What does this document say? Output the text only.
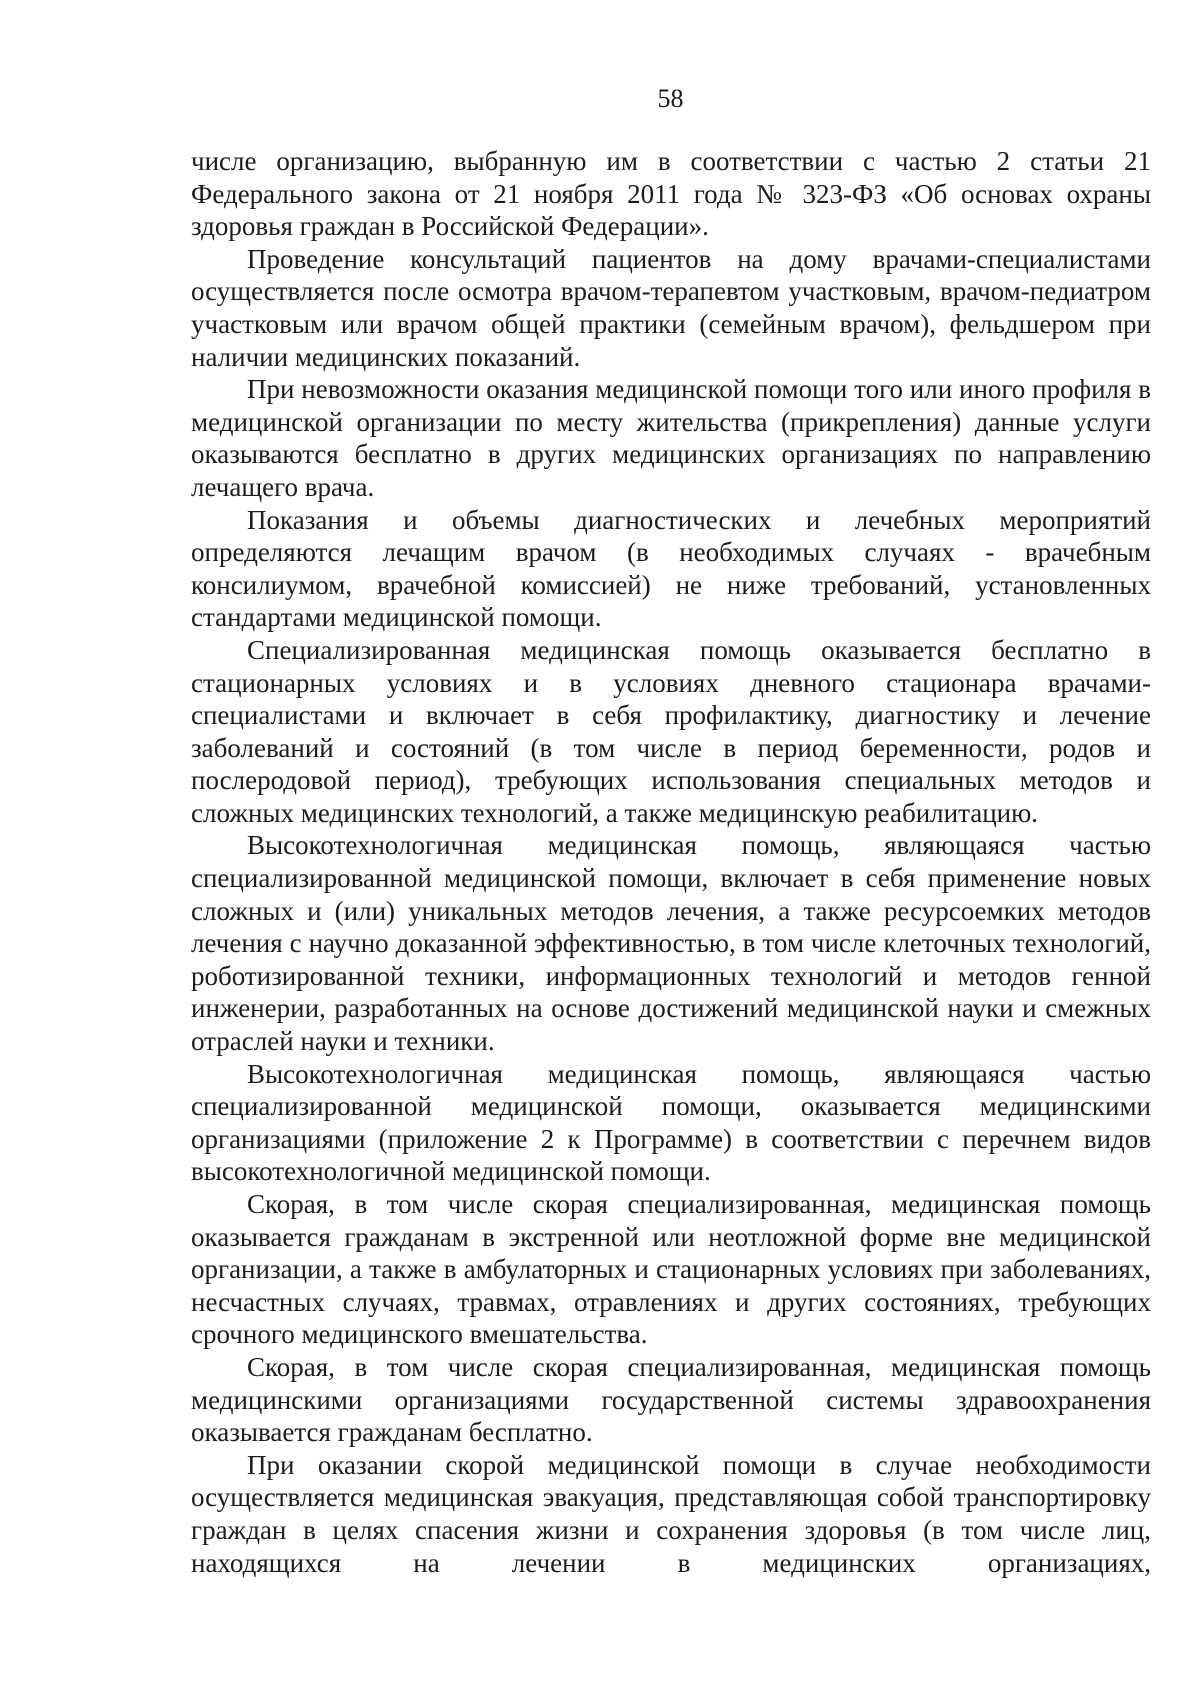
58

числе организацию, выбранную им в соответствии с частью 2 статьи 21 Федерального закона от 21 ноября 2011 года № 323-ФЗ «Об основах охраны здоровья граждан в Российской Федерации».

Проведение консультаций пациентов на дому врачами-специалистами осуществляется после осмотра врачом-терапевтом участковым, врачом-педиатром участковым или врачом общей практики (семейным врачом), фельдшером при наличии медицинских показаний.

При невозможности оказания медицинской помощи того или иного профиля в медицинской организации по месту жительства (прикрепления) данные услуги оказываются бесплатно в других медицинских организациях по направлению лечащего врача.

Показания и объемы диагностических и лечебных мероприятий определяются лечащим врачом (в необходимых случаях - врачебным консилиумом, врачебной комиссией) не ниже требований, установленных стандартами медицинской помощи.

Специализированная медицинская помощь оказывается бесплатно в стационарных условиях и в условиях дневного стационара врачами-специалистами и включает в себя профилактику, диагностику и лечение заболеваний и состояний (в том числе в период беременности, родов и послеродовой период), требующих использования специальных методов и сложных медицинских технологий, а также медицинскую реабилитацию.

Высокотехнологичная медицинская помощь, являющаяся частью специализированной медицинской помощи, включает в себя применение новых сложных и (или) уникальных методов лечения, а также ресурсоемких методов лечения с научно доказанной эффективностью, в том числе клеточных технологий, роботизированной техники, информационных технологий и методов генной инженерии, разработанных на основе достижений медицинской науки и смежных отраслей науки и техники.

Высокотехнологичная медицинская помощь, являющаяся частью специализированной медицинской помощи, оказывается медицинскими организациями (приложение 2 к Программе) в соответствии с перечнем видов высокотехнологичной медицинской помощи.

Скорая, в том числе скорая специализированная, медицинская помощь оказывается гражданам в экстренной или неотложной форме вне медицинской организации, а также в амбулаторных и стационарных условиях при заболеваниях, несчастных случаях, травмах, отравлениях и других состояниях, требующих срочного медицинского вмешательства.

Скорая, в том числе скорая специализированная, медицинская помощь медицинскими организациями государственной системы здравоохранения оказывается гражданам бесплатно.

При оказании скорой медицинской помощи в случае необходимости осуществляется медицинская эвакуация, представляющая собой транспортировку граждан в целях спасения жизни и сохранения здоровья (в том числе лиц, находящихся на лечении в медицинских организациях,
